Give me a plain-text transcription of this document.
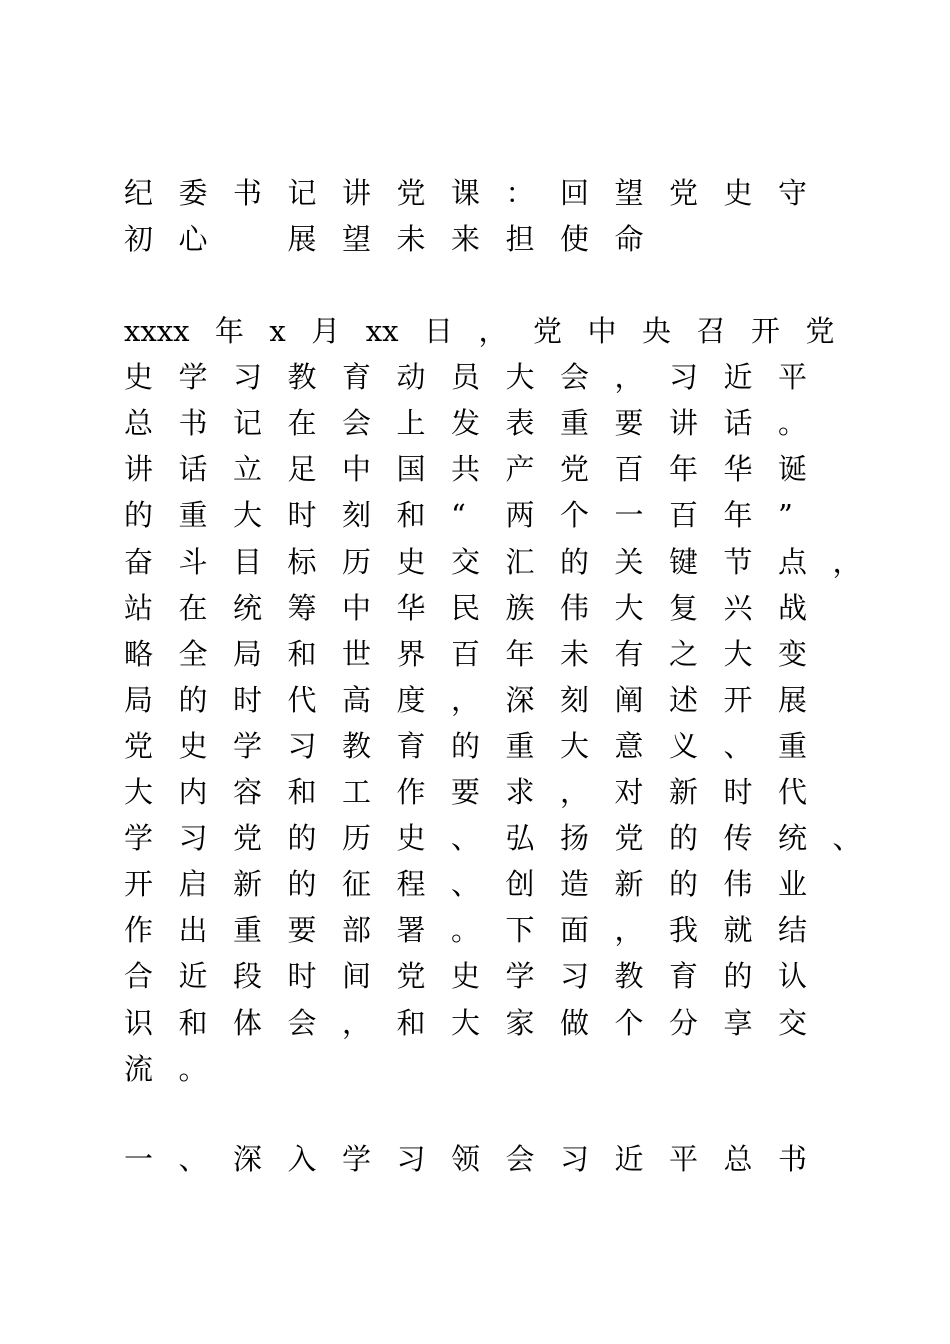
纪 委 书 记 讲 党 课 ： 回 望 党 史 守
初 心
　	展 望 未 来 担 使 命
xxxx 年 x 月 xx 日 ， 党 中 央 召 开 党
史 学 习 教 育 动 员 大 会 ， 习 近 平
总 书 记 在 会 上 发 表 重 要 讲 话 。
讲 话 立 足 中 国 共 产 党 百 年 华 诞
的 重 大 时 刻 和 “	两 个 一 百 年 ”
奋 斗 目 标 历 史 交 汇 的 关 键 节 点 ，
站 在 统 筹 中 华 民 族 伟 大 复 兴 战
略 全 局 和 世 界 百 年 未 有 之 大 变
局 的 时 代 高 度 ， 深 刻 阐 述 开 展
党 史 学 习 教 育 的 重 大 意 义 、 重
大 内 容 和 工 作 要 求 ， 对 新 时 代
学 习 党 的 历 史 、 弘 扬 党 的 传 统 、
开 启 新 的 征 程 、 创 造 新 的 伟 业
作 出 重 要 部 署 。 下 面 ， 我 就 结
合 近 段 时 间 党 史 学 习 教 育 的 认
识 和 体 会 ， 和 大 家 做 个 分 享 交
流 。
一 、 深 入 学 习 领 会 习 近 平 总 书
